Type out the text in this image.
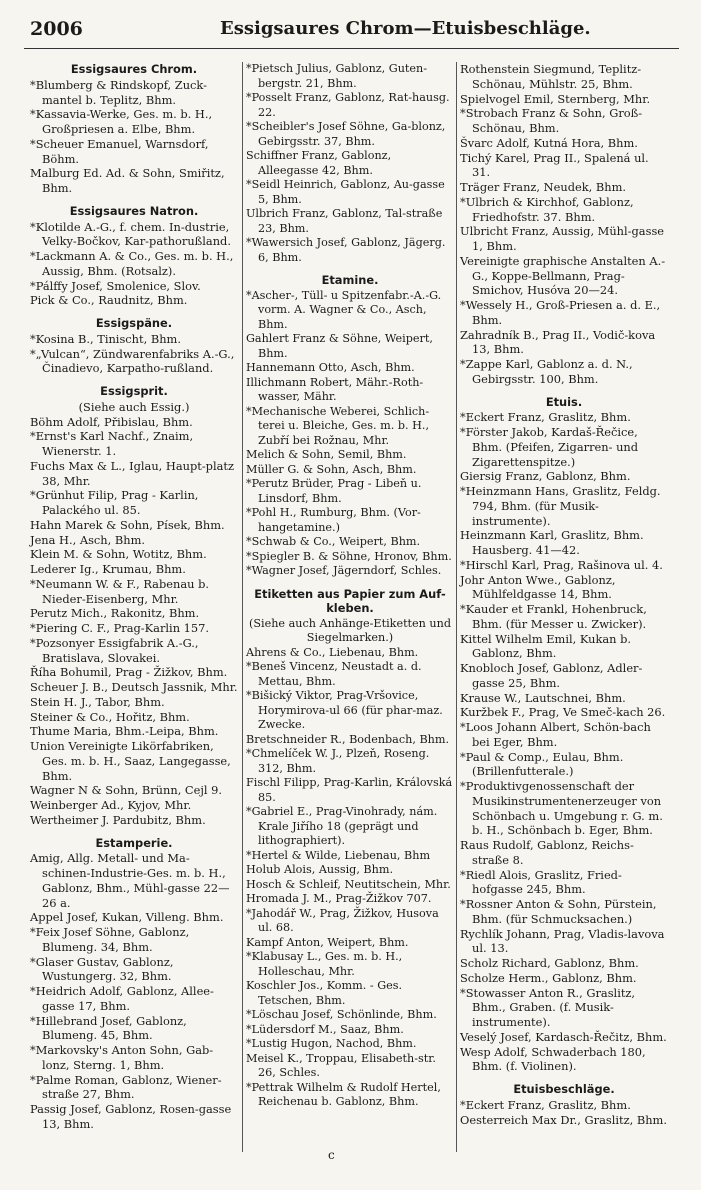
2006	Essigsaures Chrom—Etuisbeschläge.
Essigsaures Chrom.
*Blumberg & Rindskopf, Zuck-mantel b. Teplitz, Bhm.
*Kassavia-Werke, Ges. m. b. H., Großpriesen a. Elbe, Bhm.
*Scheuer Emanuel, Warnsdorf, Böhm.
Malburg Ed. Ad. & Sohn, Smiřitz, Bhm.
Essigsaures Natron.
*Klotilde A.-G., f. chem. In-dustrie, Velky-Bočkov, Kar-pathorußland.
*Lackmann A. & Co., Ges. m. b. H., Aussig, Bhm. (Rotsalz).
*Pálffy Josef, Smolenice, Slov.
Pick & Co., Raudnitz, Bhm.
Essigspäne.
*Kosina B., Tinischt, Bhm.
*„Vulcan“, Zündwarenfabriks A.-G., Činadievo, Karpatho-rußland.
Essigsprit.
(Siehe auch Essig.)
Böhm Adolf, Přibislau, Bhm.
*Ernst's Karl Nachf., Znaim, Wienerstr. 1.
Fuchs Max & L., Iglau, Haupt-platz 38, Mhr.
*Grünhut Filip, Prag - Karlin, Palackého ul. 85.
Hahn Marek & Sohn, Písek, Bhm.
Jena H., Asch, Bhm.
Klein M. & Sohn, Wotitz, Bhm.
Lederer Ig., Krumau, Bhm.
*Neumann W. & F., Rabenau b. Nieder-Eisenberg, Mhr.
Perutz Mich., Rakonitz, Bhm.
*Piering C. F., Prag-Karlin 157.
*Pozsonyer Essigfabrik A.-G., Bratislava, Slovakei.
Říha Bohumil, Prag - Žižkov, Bhm.
Scheuer J. B., Deutsch Jassnik, Mhr.
Stein H. J., Tabor, Bhm.
Steiner & Co., Hořitz, Bhm.
Thume Maria, Bhm.-Leipa, Bhm.
Union Vereinigte Likörfabriken, Ges. m. b. H., Saaz, Langegasse, Bhm.
Wagner N & Sohn, Brünn, Cejl 9.
Weinberger Ad., Kyjov, Mhr.
Wertheimer J. Pardubitz, Bhm.
Estamperie.
Amig, Allg. Metall- und Ma-schinen-Industrie-Ges. m. b. H., Gablonz, Bhm., Mühl-gasse 22—26 a.
Appel Josef, Kukan, Villeng. Bhm.
*Feix Josef Söhne, Gablonz, Blumeng. 34, Bhm.
*Glaser Gustav, Gablonz, Wustungerg. 32, Bhm.
*Heidrich Adolf, Gablonz, Allee-gasse 17, Bhm.
*Hillebrand Josef, Gablonz, Blumeng. 45, Bhm.
*Markovsky's Anton Sohn, Gab-lonz, Sterng. 1, Bhm.
*Palme Roman, Gablonz, Wiener-straße 27, Bhm.
Passig Josef, Gablonz, Rosen-gasse 13, Bhm.
*Pietsch Julius, Gablonz, Guten-bergstr. 21, Bhm.
*Posselt Franz, Gablonz, Rat-hausg. 22.
*Scheibler's Josef Söhne, Ga-blonz, Gebirgsstr. 37, Bhm.
Schiffner Franz, Gablonz, Alleegasse 42, Bhm.
*Seidl Heinrich, Gablonz, Au-gasse 5, Bhm.
Ulbrich Franz, Gablonz, Tal-straße 23, Bhm.
*Wawersich Josef, Gablonz, Jägerg. 6, Bhm.
Etamine.
*Ascher-, Tüll- u Spitzenfabr.-A.-G. vorm. A. Wagner & Co., Asch, Bhm.
Gahlert Franz & Söhne, Weipert, Bhm.
Hannemann Otto, Asch, Bhm.
Illichmann Robert, Mähr.-Roth-wasser, Mähr.
*Mechanische Weberei, Schlich-terei u. Bleiche, Ges. m. b. H., Zubří bei Rožnau, Mhr.
Melich & Sohn, Semil, Bhm.
Müller G. & Sohn, Asch, Bhm.
*Perutz Brüder, Prag - Libeň u. Linsdorf, Bhm.
*Pohl H., Rumburg, Bhm. (Vor-hangetamine.)
*Schwab & Co., Weipert, Bhm.
*Spiegler B. & Söhne, Hronov, Bhm.
*Wagner Josef, Jägerndorf, Schles.
Etiketten aus Papier zum Auf-kleben.
(Siehe auch Anhänge-Etiketten und Siegelmarken.)
Ahrens & Co., Liebenau, Bhm.
*Beneš Vincenz, Neustadt a. d. Mettau, Bhm.
*Bišický Viktor, Prag-Vršovice, Horymirova-ul 66 (für phar-maz. Zwecke.
Bretschneider R., Bodenbach, Bhm.
*Chmelíček W. J., Plzeň, Roseng. 312, Bhm.
Fischl Filipp, Prag-Karlin, Královská 85.
*Gabriel E., Prag-Vinohrady, nám. Krale Jiřího 18 (geprägt und lithographiert).
*Hertel & Wilde, Liebenau, Bhm
Holub Alois, Aussig, Bhm.
Hosch & Schleif, Neutitschein, Mhr.
Hromada J. M., Prag-Žižkov 707.
*Jahodář W., Prag, Žižkov, Husova ul. 68.
Kampf Anton, Weipert, Bhm.
*Klabusay L., Ges. m. b. H., Holleschau, Mhr.
Koschler Jos., Komm. - Ges. Tetschen, Bhm.
*Löschau Josef, Schönlinde, Bhm.
*Lüdersdorf M., Saaz, Bhm.
*Lustig Hugon, Nachod, Bhm.
Meisel K., Troppau, Elisabeth-str. 26, Schles.
*Pettrak Wilhelm & Rudolf Hertel, Reichenau b. Gablonz, Bhm.
Rothenstein Siegmund, Teplitz-Schönau, Mühlstr. 25, Bhm.
Spielvogel Emil, Sternberg, Mhr.
*Strobach Franz & Sohn, Groß-Schönau, Bhm.
Švarc Adolf, Kutná Hora, Bhm.
Tichý Karel, Prag II., Spalená ul. 31.
Träger Franz, Neudek, Bhm.
*Ulbrich & Kirchhof, Gablonz, Friedhofstr. 37. Bhm.
Ulbricht Franz, Aussig, Mühl-gasse 1, Bhm.
Vereinigte graphische Anstalten A.-G., Koppe-Bellmann, Prag-Smichov, Husóva 20—24.
*Wessely H., Groß-Priesen a. d. E., Bhm.
Zahradník B., Prag II., Vodič-kova 13, Bhm.
*Zappe Karl, Gablonz a. d. N., Gebirgsstr. 100, Bhm.
Etuis.
*Eckert Franz, Graslitz, Bhm.
*Förster Jakob, Kardaš-Řečice, Bhm. (Pfeifen, Zigarren- und Zigarettenspitze.)
Giersig Franz, Gablonz, Bhm.
*Heinzmann Hans, Graslitz, Feldg. 794, Bhm. (für Musik-instrumente).
Heinzmann Karl, Graslitz, Bhm. Hausberg. 41—42.
*Hirschl Karl, Prag, Rašinova ul. 4.
Johr Anton Wwe., Gablonz, Mühlfeldgasse 14, Bhm.
*Kauder et Frankl, Hohenbruck, Bhm. (für Messer u. Zwicker).
Kittel Wilhelm Emil, Kukan b. Gablonz, Bhm.
Knobloch Josef, Gablonz, Adler-gasse 25, Bhm.
Krause W., Lautschnei, Bhm.
Kuržbek F., Prag, Ve Smeč-kach 26.
*Loos Johann Albert, Schön-bach bei Eger, Bhm.
*Paul & Comp., Eulau, Bhm. (Brillenfutterale.)
*Produktivgenossenschaft der Musikinstrumentenerzeuger von Schönbach u. Umgebung r. G. m. b. H., Schönbach b. Eger, Bhm.
Raus Rudolf, Gablonz, Reichs-straße 8.
*Riedl Alois, Graslitz, Fried-hofgasse 245, Bhm.
*Rossner Anton & Sohn, Pürstein, Bhm. (für Schmucksachen.)
Rychlík Johann, Prag, Vladis-lavova ul. 13.
Scholz Richard, Gablonz, Bhm.
Scholze Herm., Gablonz, Bhm.
*Stowasser Anton R., Graslitz, Bhm., Graben. (f. Musik-instrumente).
Veselý Josef, Kardasch-Řečitz, Bhm.
Wesp Adolf, Schwaderbach 180, Bhm. (f. Violinen).
Etuisbeschläge.
*Eckert Franz, Graslitz, Bhm.
Oesterreich Max Dr., Graslitz, Bhm.
c
